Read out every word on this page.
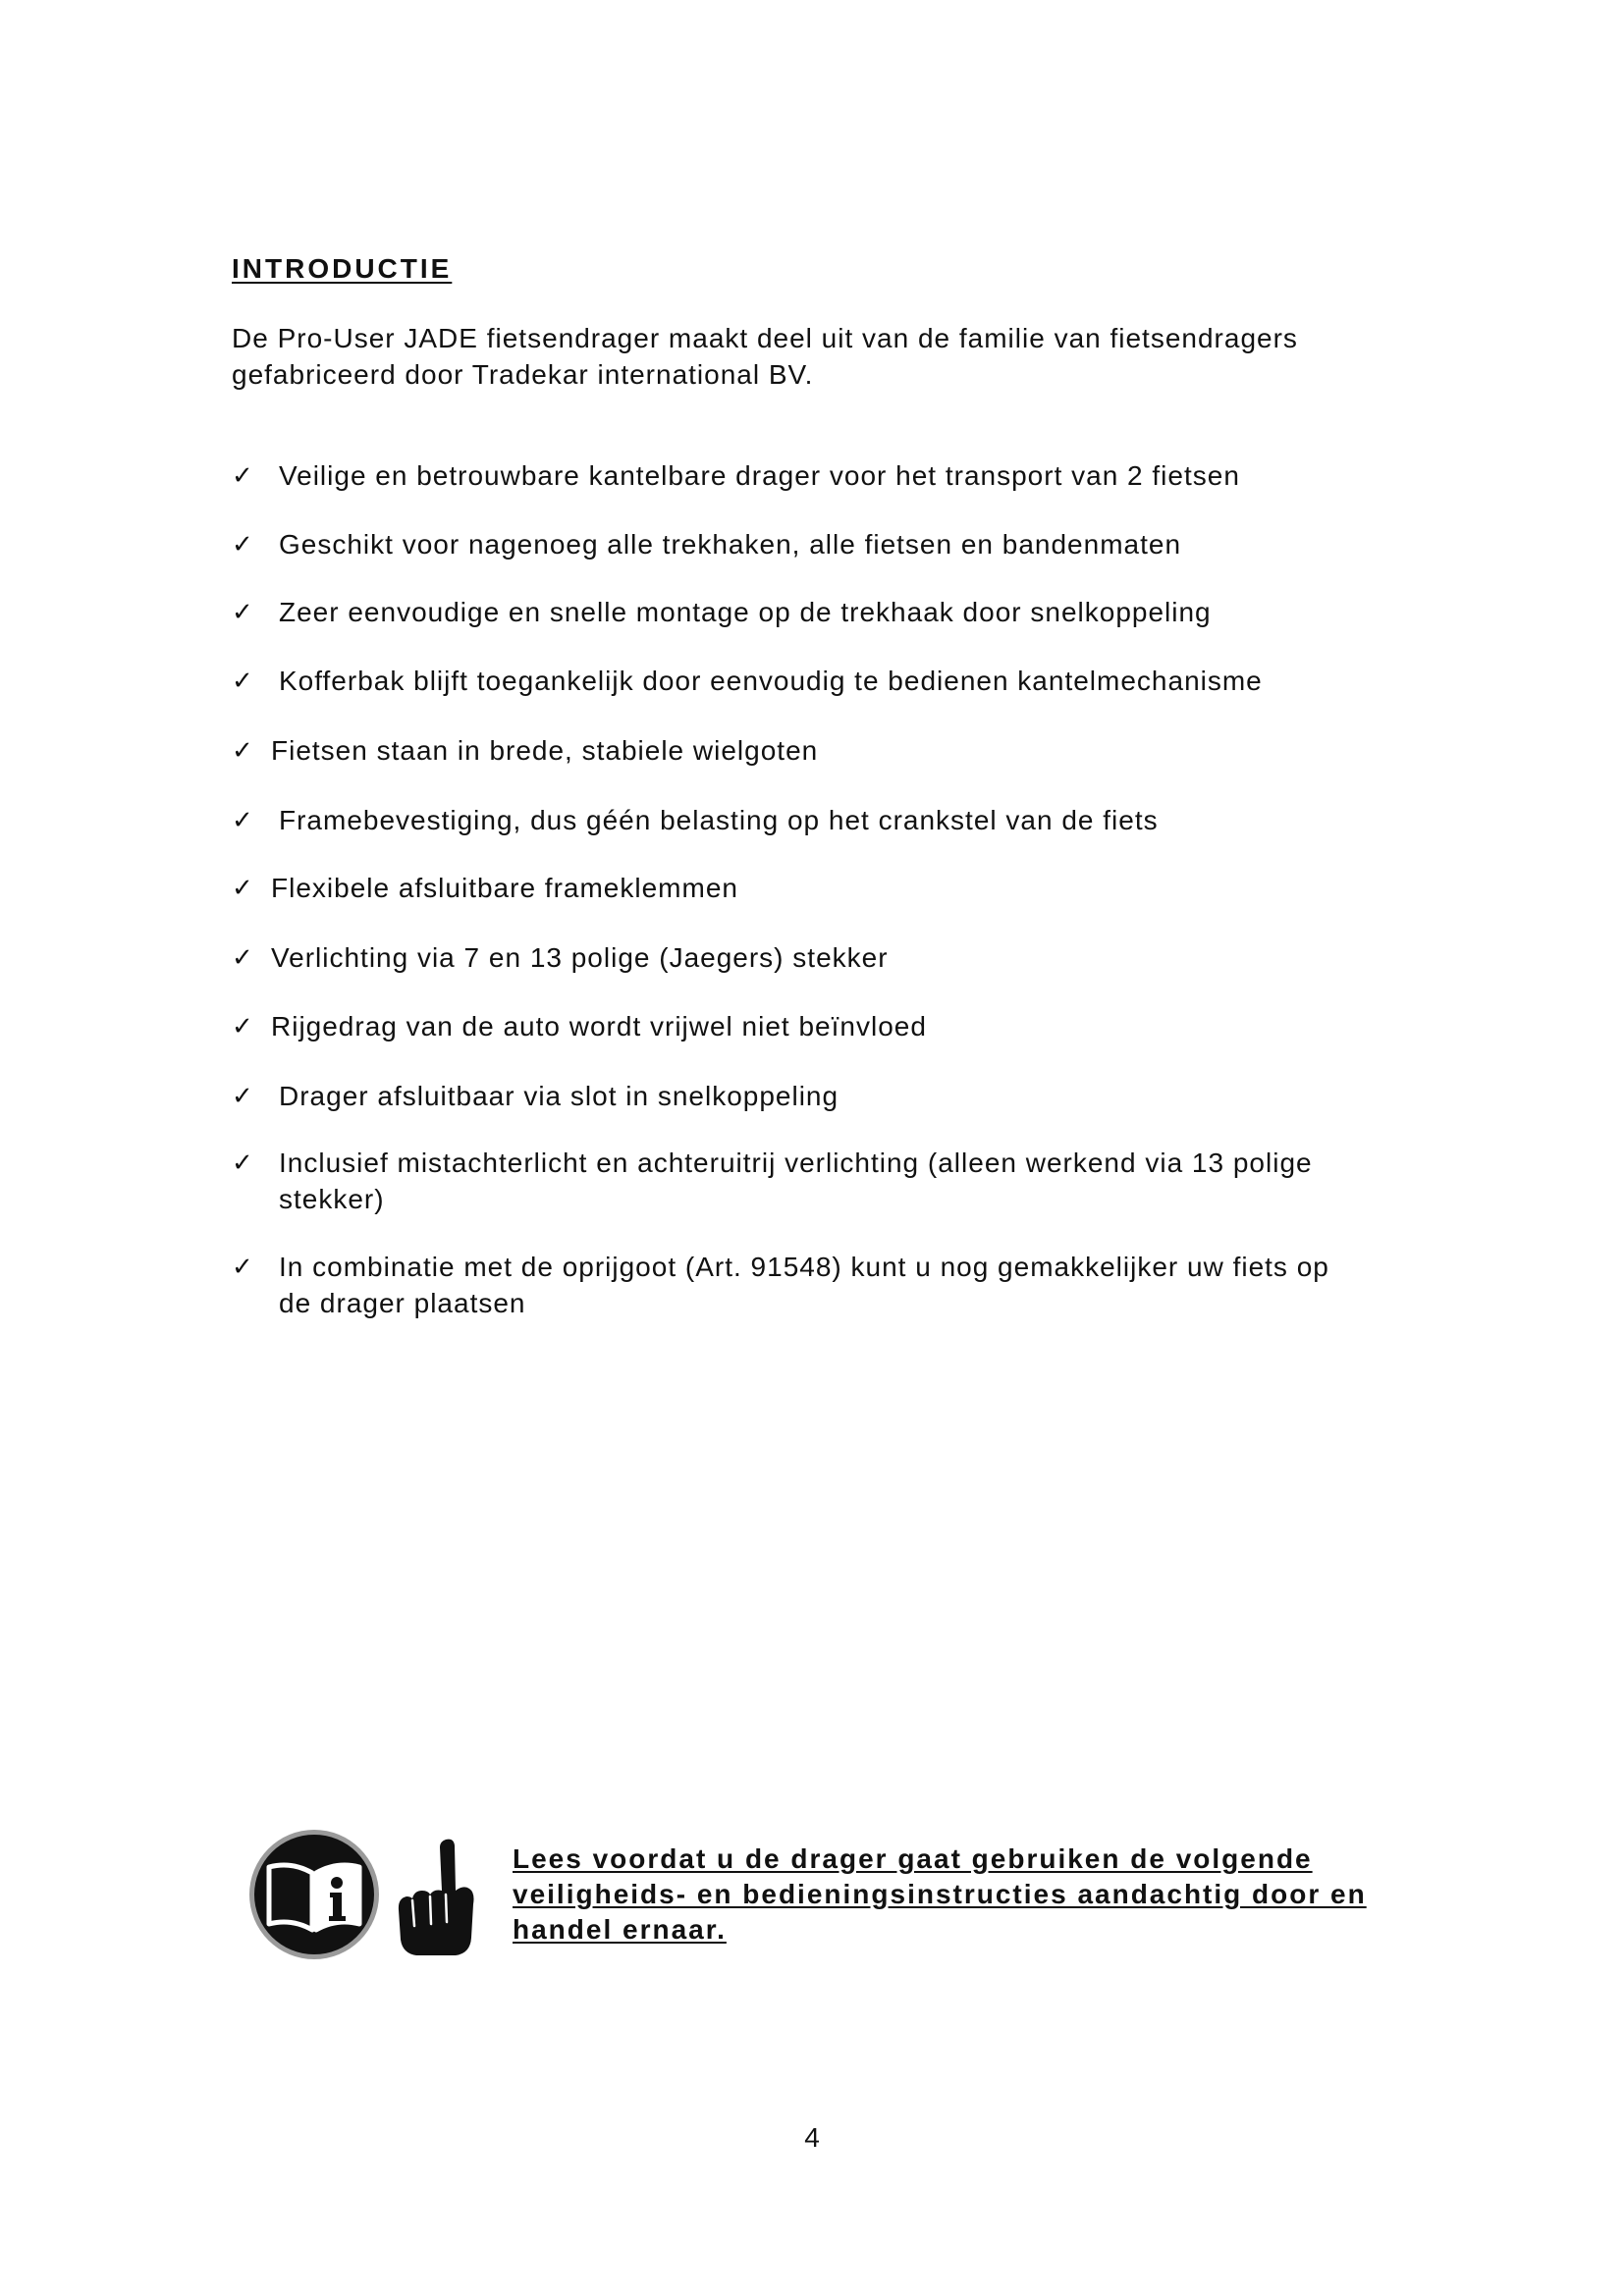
INTRODUCTIE

De Pro-User JADE fietsendrager maakt deel uit van de familie van fietsendragers gefabriceerd door Tradekar international BV.

✓ Veilige en betrouwbare kantelbare drager voor het transport van 2 fietsen
✓ Geschikt voor nagenoeg alle trekhaken, alle fietsen en bandenmaten
✓ Zeer eenvoudige en snelle montage op de trekhaak door snelkoppeling
✓ Kofferbak blijft toegankelijk door eenvoudig te bedienen kantelmechanisme
✓ Fietsen staan in brede, stabiele wielgoten
✓ Framebevestiging, dus géén belasting op het crankstel van de fiets
✓ Flexibele afsluitbare frameklemmen
✓ Verlichting via 7 en 13 polige (Jaegers) stekker
✓ Rijgedrag van de auto wordt vrijwel niet beïnvloed
✓ Drager afsluitbaar via slot in snelkoppeling
✓ Inclusief mistachterlicht en achteruitrij verlichting (alleen werkend via 13 polige stekker)
✓ In combinatie met de oprijgoot (Art. 91548) kunt u nog gemakkelijker uw fiets op de drager plaatsen

Lees voordat u de drager gaat gebruiken de volgende veiligheids- en bedieningsinstructies aandachtig door en handel ernaar.

4
